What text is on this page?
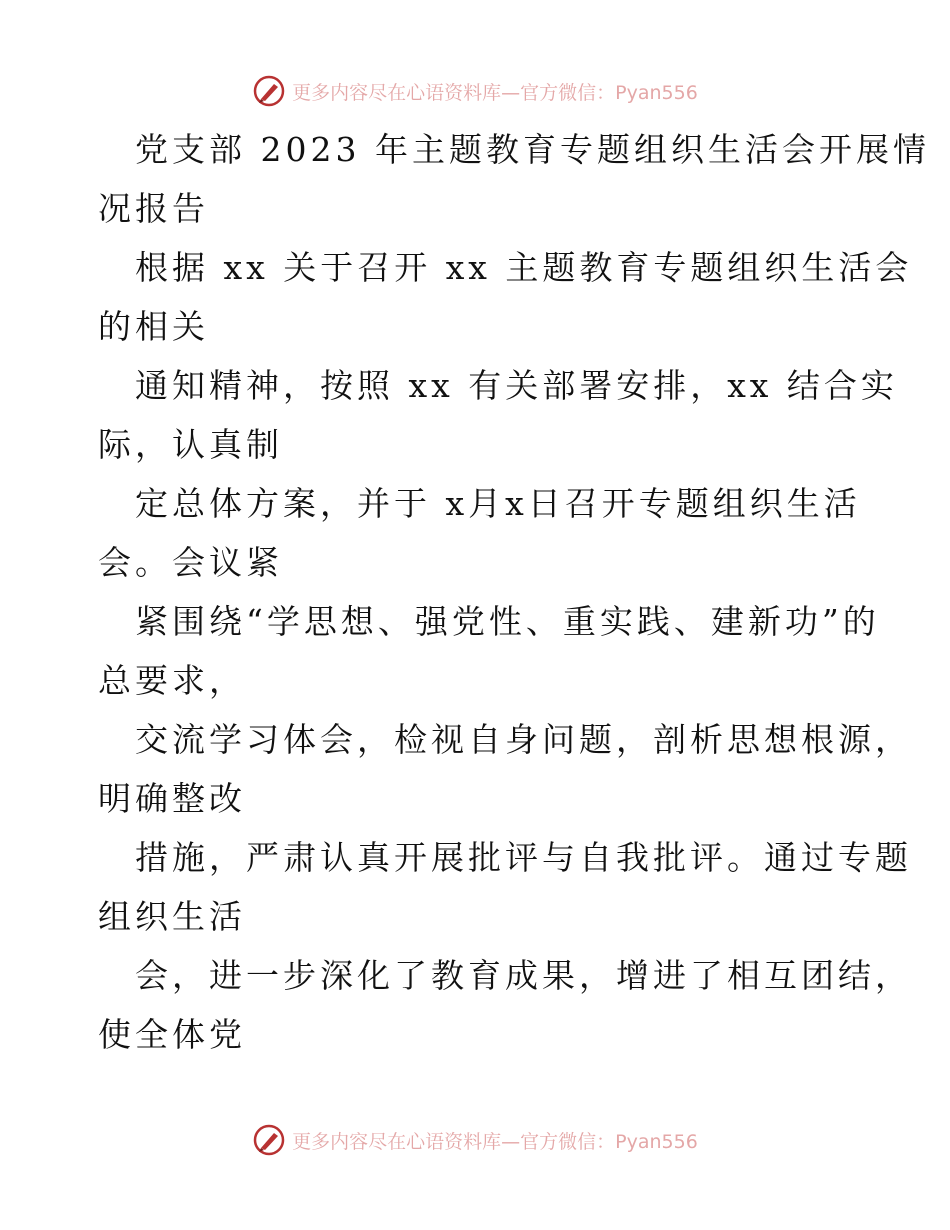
更多内容尽在心语资料库—官方微信：Pyan556
党支部 2023 年主题教育专题组织生活会开展情
况报告
根据 xx 关于召开 xx 主题教育专题组织生活会
的相关
通知精神，按照 xx 有关部署安排，xx 结合实
际，认真制
定总体方案，并于 x月x日召开专题组织生活
会。会议紧
紧围绕“学思想、强党性、重实践、建新功”的
总要求，
交流学习体会，检视自身问题，剖析思想根源，
明确整改
措施，严肃认真开展批评与自我批评。通过专题
组织生活
会，进一步深化了教育成果，增进了相互团结，
使全体党
更多内容尽在心语资料库—官方微信：Pyan556
